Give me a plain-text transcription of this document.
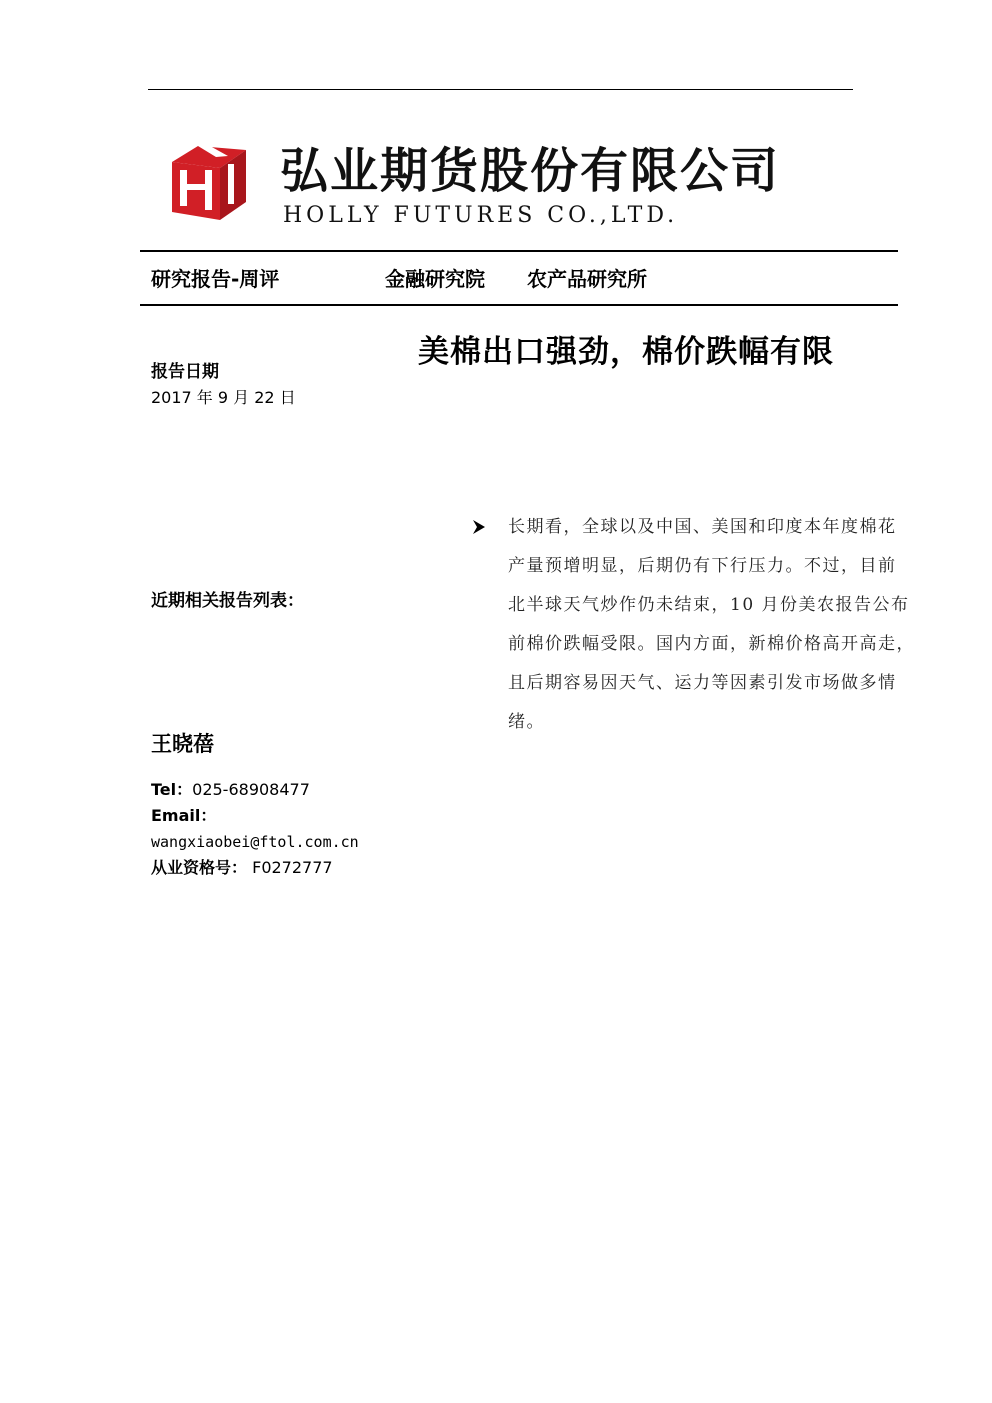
弘业期货股份有限公司
HOLLY FUTURES CO.,LTD.
研究报告-周评	金融研究院 农产品研究所
美棉出口强劲，棉价跌幅有限
报告日期
2017 年 9 月 22 日
近期相关报告列表：
王晓蓓
Tel：025-68908477
Email：
wangxiaobei@ftol.com.cn
从业资格号： F0272777
长期看，全球以及中国、美国和印度本年度棉花
产量预增明显，后期仍有下行压力。不过，目前
北半球天气炒作仍未结束，10 月份美农报告公布
前棉价跌幅受限。国内方面，新棉价格高开高走，
且后期容易因天气、运力等因素引发市场做多情
绪。
